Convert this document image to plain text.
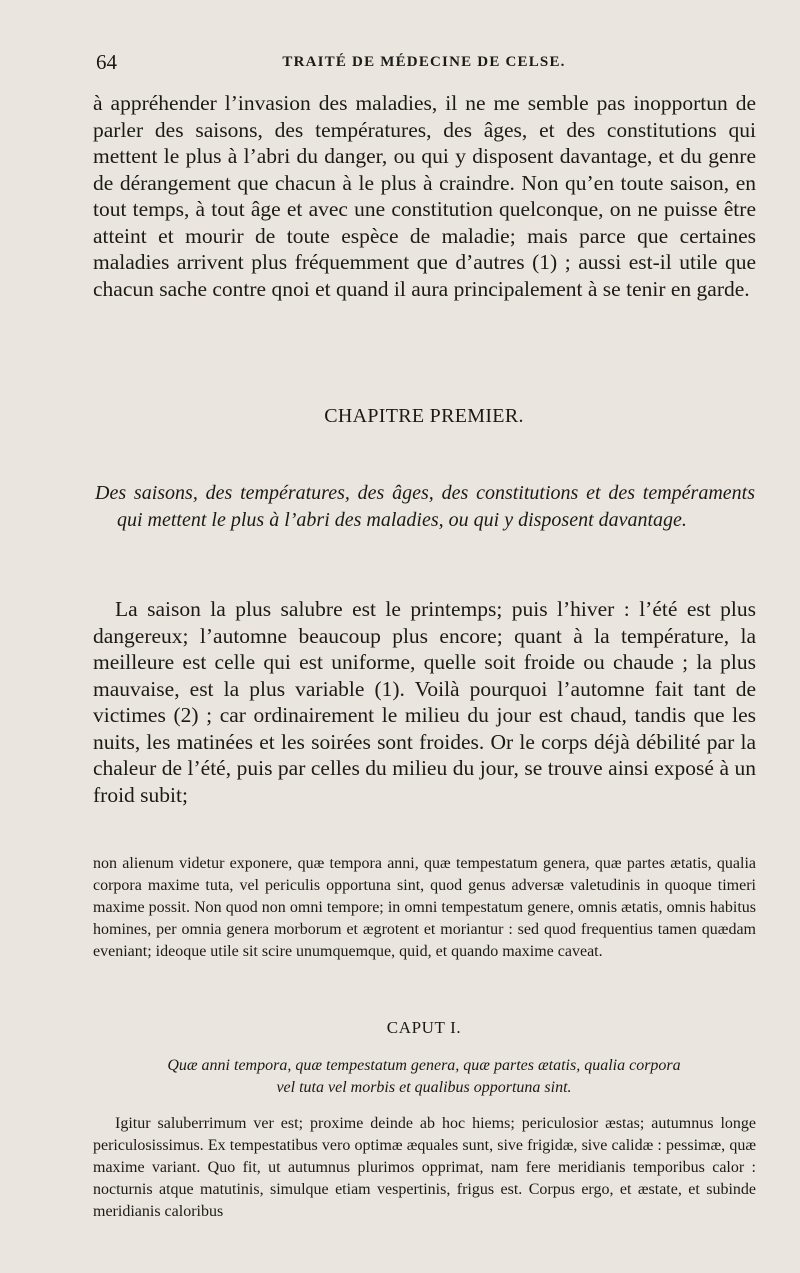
64	TRAITÉ DE MÉDECINE DE CELSE.

à appréhender l’invasion des maladies, il ne me semble pas inopportun de parler des saisons, des températures, des âges, et des constitutions qui mettent le plus à l’abri du danger, ou qui y disposent davantage, et du genre de dérangement que chacun à le plus à craindre. Non qu’en toute saison, en tout temps, à tout âge et avec une constitution quelconque, on ne puisse être atteint et mourir de toute espèce de maladie; mais parce que certaines maladies arrivent plus fréquemment que d’autres (1) ; aussi est-il utile que chacun sache contre qnoi et quand il aura principalement à se tenir en garde.

CHAPITRE PREMIER.
Des saisons, des températures, des âges, des constitutions et des tempéraments qui mettent le plus à l’abri des maladies, ou qui y disposent davantage.

La saison la plus salubre est le printemps; puis l’hiver : l’été est plus dangereux; l’automne beaucoup plus encore; quant à la température, la meilleure est celle qui est uniforme, quelle soit froide ou chaude ; la plus mauvaise, est la plus variable (1). Voilà pourquoi l’automne fait tant de victimes (2) ; car ordinairement le milieu du jour est chaud, tandis que les nuits, les matinées et les soirées sont froides. Or le corps déjà débilité par la chaleur de l’été, puis par celles du milieu du jour, se trouve ainsi exposé à un froid subit;

non alienum videtur exponere, quæ tempora anni, quæ tempestatum genera, quæ partes ætatis, qualia corpora maxime tuta, vel periculis opportuna sint, quod genus adversæ valetudinis in quoque timeri maxime possit. Non quod non omni tempore; in omni tempestatum genere, omnis ætatis, omnis habitus homines, per omnia genera morborum et ægrotent et moriantur : sed quod frequentius tamen quædam eveniant; ideoque utile sit scire unumquemque, quid, et quando maxime caveat.

CAPUT I.
Quæ anni tempora, quæ tempestatum genera, quæ partes ætatis, qualia corpora
vel tuta vel morbis et qualibus opportuna sint.

Igitur saluberrimum ver est; proxime deinde ab hoc hiems; periculosior æstas; autumnus longe periculosissimus. Ex tempestatibus vero optimæ æquales sunt, sive frigidæ, sive calidæ : pessimæ, quæ maxime variant. Quo fit, ut autumnus plurimos opprimat, nam fere meridianis temporibus calor : nocturnis atque matutinis, simulque etiam vespertinis, frigus est. Corpus ergo, et æstate, et subinde meridianis caloribus
